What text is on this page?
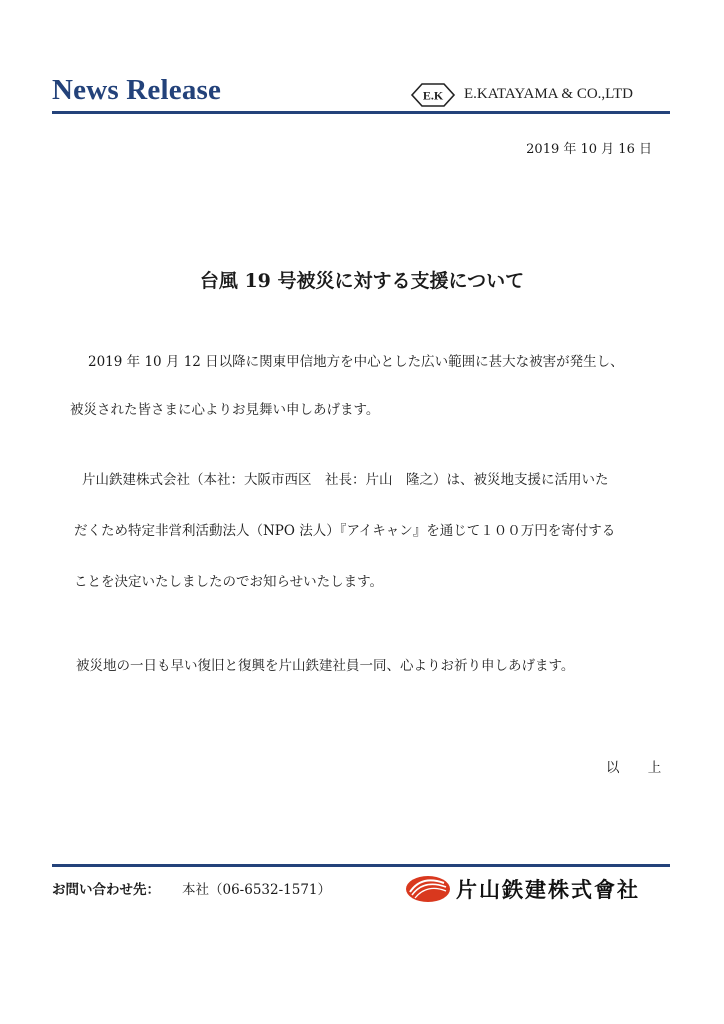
News Release	E.K E.KATAYAMA & CO.,LTD
2019 年 10 月 16 日
台風 19 号被災に対する支援について
2019 年 10 月 12 日以降に関東甲信地方を中心とした広い範囲に甚大な被害が発生し、
被災された皆さまに心よりお見舞い申しあげます。
片山鉄建株式会社（本社：大阪市西区　社長：片山　隆之）は、被災地支援に活用いた
だくため特定非営利活動法人（NPO 法人）『アイキャン』を通じて１００万円を寄付する
ことを決定いたしましたのでお知らせいたします。
被災地の一日も早い復旧と復興を片山鉄建社員一同、心よりお祈り申しあげます。
以 上
お問い合わせ先： 本社（06-6532-1571）	片山鉄建株式會社
